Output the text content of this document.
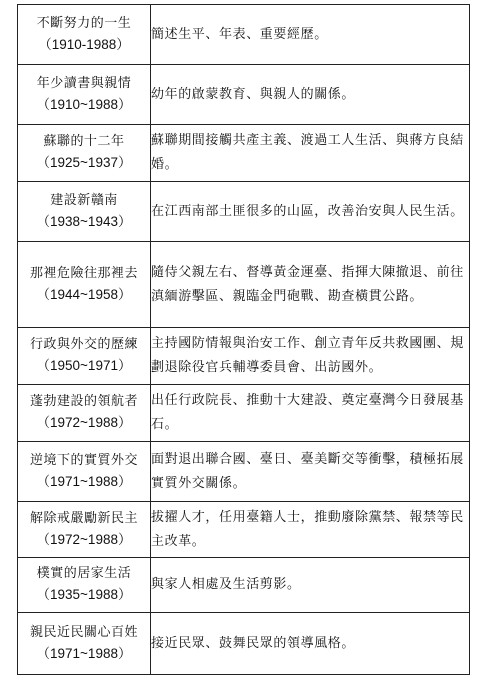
不斷努力的一生
（1910-1988）	簡述生平、年表、重要經歷。

年少讀書與親情
（1910~1988）	幼年的啟蒙教育、與親人的關係。

蘇聯的十二年
（1925~1937）	蘇聯期間接觸共產主義、渡過工人生活、與蔣方良結婚。

建設新贛南
（1938~1943）	在江西南部土匪很多的山區，改善治安與人民生活。

那裡危險往那裡去
（1944~1958）	隨侍父親左右、督導黃金運臺、指揮大陳撤退、前往滇緬游擊區、親臨金門砲戰、勘查橫貫公路。

行政與外交的歷練
（1950~1971）	主持國防情報與治安工作、創立青年反共救國團、規劃退除役官兵輔導委員會、出訪國外。

蓬勃建設的領航者
（1972~1988）	出任行政院長、推動十大建設、奠定臺灣今日發展基石。

逆境下的實質外交
（1971~1988）	面對退出聯合國、臺日、臺美斷交等衝擊，積極拓展實質外交關係。

解除戒嚴勵新民主
（1972~1988）	拔擢人才，任用臺籍人士，推動廢除黨禁、報禁等民主改革。

樸實的居家生活
（1935~1988）	與家人相處及生活剪影。

親民近民關心百姓
（1971~1988）	接近民眾、鼓舞民眾的領導風格。
